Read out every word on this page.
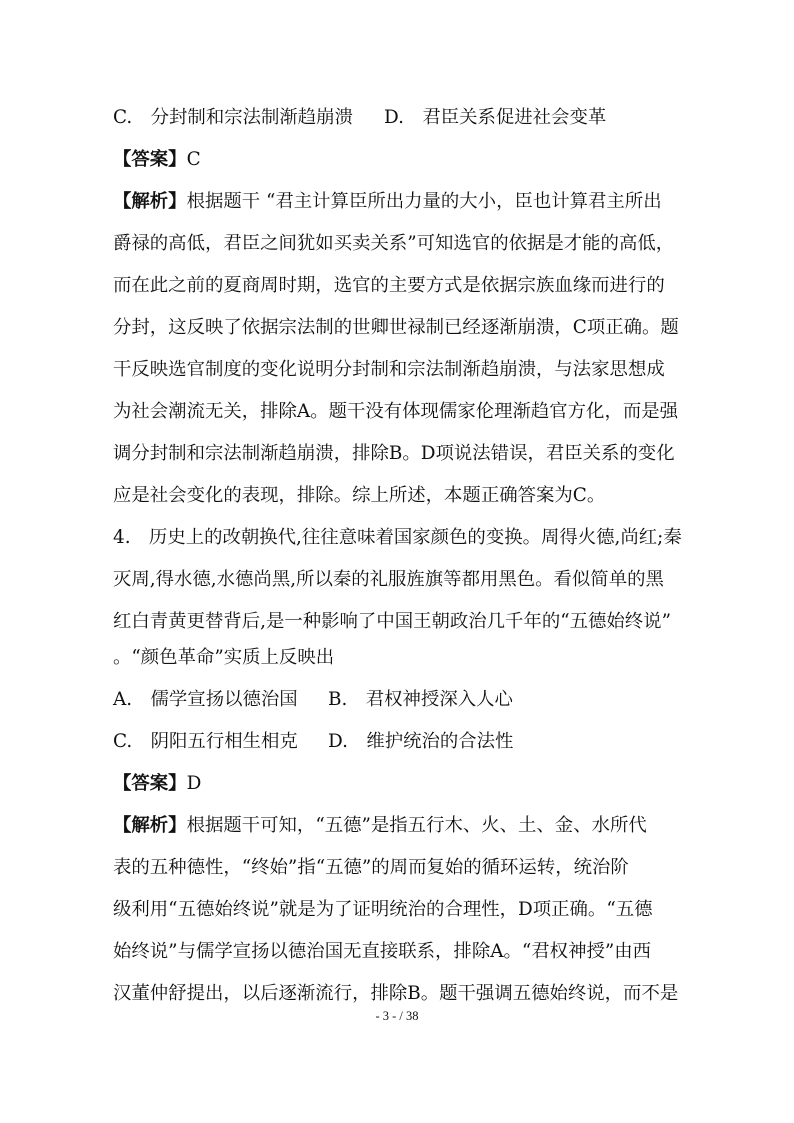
C.　分封制和宗法制渐趋崩溃 D.　君臣关系促进社会变革
【答案】C
【解析】根据题干 “君主计算臣所出力量的大小，臣也计算君主所出
爵禄的高低，君臣之间犹如买卖关系”可知选官的依据是才能的高低，
而在此之前的夏商周时期，选官的主要方式是依据宗族血缘而进行的
分封，这反映了依据宗法制的世卿世禄制已经逐渐崩溃，C项正确。题
干反映选官制度的变化说明分封制和宗法制渐趋崩溃，与法家思想成
为社会潮流无关，排除A。题干没有体现儒家伦理渐趋官方化，而是强
调分封制和宗法制渐趋崩溃，排除B。D项说法错误，君臣关系的变化
应是社会变化的表现，排除。综上所述，本题正确答案为C。
4.　历史上的改朝换代,往往意味着国家颜色的变换。周得火德,尚红;秦
灭周,得水德,水德尚黑,所以秦的礼服旌旗等都用黑色。看似简单的黑
红白青黄更替背后,是一种影响了中国王朝政治几千年的“五德始终说”
。“颜色革命”实质上反映出
A.　儒学宣扬以德治国 B.　君权神授深入人心
C.　阴阳五行相生相克 D.　维护统治的合法性
【答案】D
【解析】根据题干可知，“五德”是指五行木、火、土、金、水所代
表的五种德性，“终始”指“五德”的周而复始的循环运转，统治阶
级利用“五德始终说”就是为了证明统治的合理性，D项正确。“五德
始终说”与儒学宣扬以德治国无直接联系，排除A。“君权神授”由西
汉董仲舒提出，以后逐渐流行，排除B。题干强调五德始终说，而不是
- 3 - / 38
